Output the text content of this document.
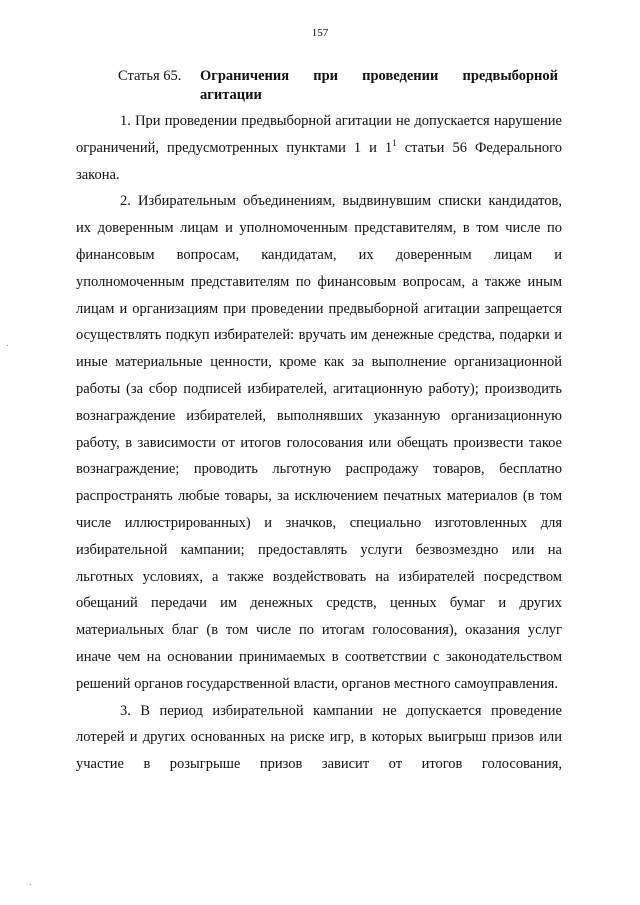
157
Статья 65. Ограничения при проведении предвыборной агитации

1. При проведении предвыборной агитации не допускается нарушение ограничений, предусмотренных пунктами 1 и $1^1$ статьи 56 Федерального закона.

2. Избирательным объединениям, выдвинувшим списки кандидатов, их доверенным лицам и уполномоченным представителям, в том числе по финансовым вопросам, кандидатам, их доверенным лицам и уполномоченным представителям по финансовым вопросам, а также иным лицам и организациям при проведении предвыборной агитации запрещается осуществлять подкуп избирателей: вручать им денежные средства, подарки и иные материальные ценности, кроме как за выполнение организационной работы (за сбор подписей избирателей, агитационную работу); производить вознаграждение избирателей, выполнявших указанную организационную работу, в зависимости от итогов голосования или обещать произвести такое вознаграждение; проводить льготную распродажу товаров, бесплатно распространять любые товары, за исключением печатных материалов (в том числе иллюстрированных) и значков, специально изготовленных для избирательной кампании; предоставлять услуги безвозмездно или на льготных условиях, а также воздействовать на избирателей посредством обещаний передачи им денежных средств, ценных бумаг и других материальных благ (в том числе по итогам голосования), оказания услуг иначе чем на основании принимаемых в соответствии с законодательством решений органов государственной власти, органов местного самоуправления.

3. В период избирательной кампании не допускается проведение лотерей и других основанных на риске игр, в которых выигрыш призов или участие в розыгрыше призов зависит от итогов голосования,
